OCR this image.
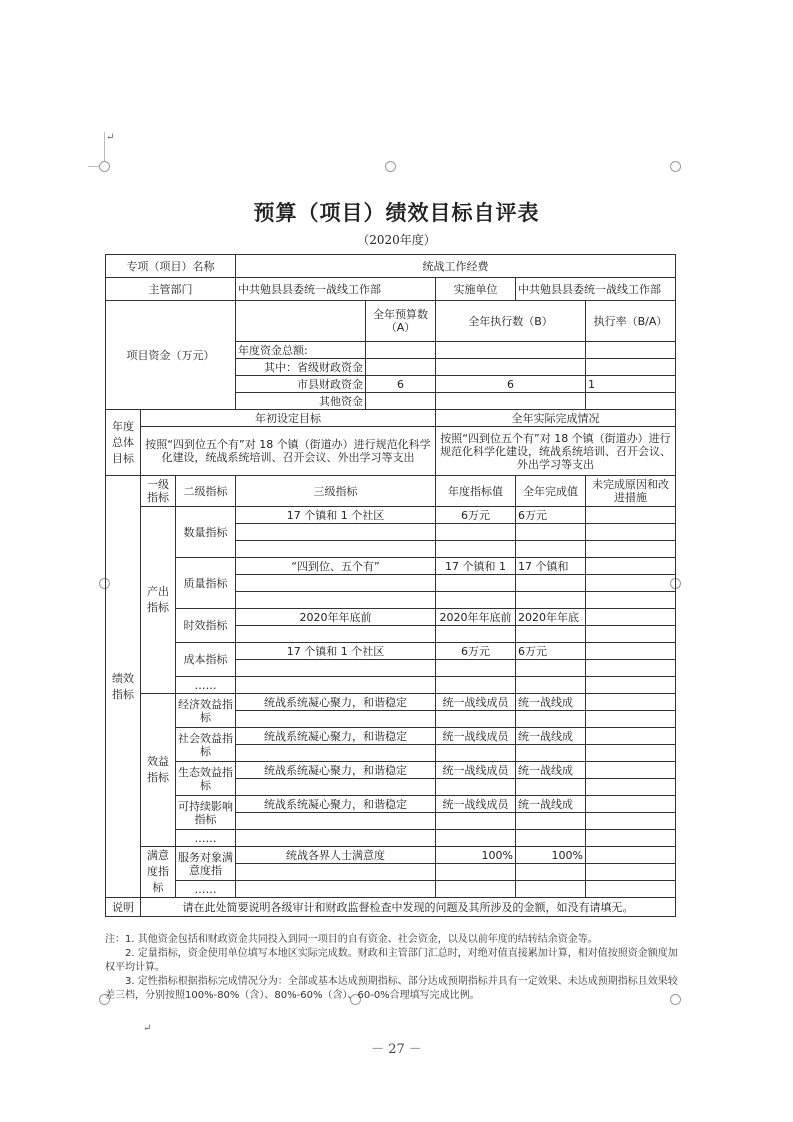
↵
↵
预算（项目）绩效目标自评表
（2020年度）
专项（项目）名称			统战工作经费				
主管部门			中共勉县县委统一战线工作部		实施单位	中共勉县县委统一战线工作部	
项目资金（万元）				全年预算数（A）	全年执行数（B）		执行率（B/A）
			年度资金总额:				
			其中：省级财政资金				
			市县财政资金	6	6		1
			其他资金				
年度总体目标	年初设定目标				全年实际完成情况		
	按照“四到位五个有”对 18 个镇（街道办）进行规范化科学化建设，统战系统培训、召开会议、外出学习等支出				按照“四到位五个有”对 18 个镇（街道办）进行规范化科学化建设，统战系统培训、召开会议、外出学习等支出		
绩效指标	一级指标	二级指标	三级指标		年度指标值	全年完成值	未完成原因和改进措施
	产出指标	数量指标	17 个镇和 1 个社区		6万元	6万元	

		质量指标	“四到位、五个有”		17 个镇和 1	17 个镇和	

		时效指标	2020年年底前		2020年年底前	2020年年底	

		成本指标	17 个镇和 1 个社区		6万元	6万元	

		……					
	效益指标	经济效益指标	统战系统凝心聚力，和谐稳定		统一战线成员	统一战线成	

		社会效益指标	统战系统凝心聚力，和谐稳定		统一战线成员	统一战线成	

		生态效益指标	统战系统凝心聚力，和谐稳定		统一战线成员	统一战线成	

		可持续影响指标	统战系统凝心聚力，和谐稳定		统一战线成员	统一战线成	

		……					
	满意度指标	服务对象满意度指	统战各界人士满意度		100%	100%	

		……					
说明	请在此处简要说明各级审计和财政监督检查中发现的问题及其所涉及的金额，如没有请填无。						

注：1. 其他资金包括和财政资金共同投入到同一项目的自有资金、社会资金，以及以前年度的结转结余资金等。

2. 定量指标，资金使用单位填写本地区实际完成数。财政和主管部门汇总时，对绝对值直接累加计算，相对值按照资金额度加权平均计算。

3. 定性指标根据指标完成情况分为：全部或基本达成预期指标、部分达成预期指标并具有一定效果、未达成预期指标且效果较差三档，分别按照100%-80%（含）、80%-60%（含）、60-0%合理填写完成比例。

－ 27 －
